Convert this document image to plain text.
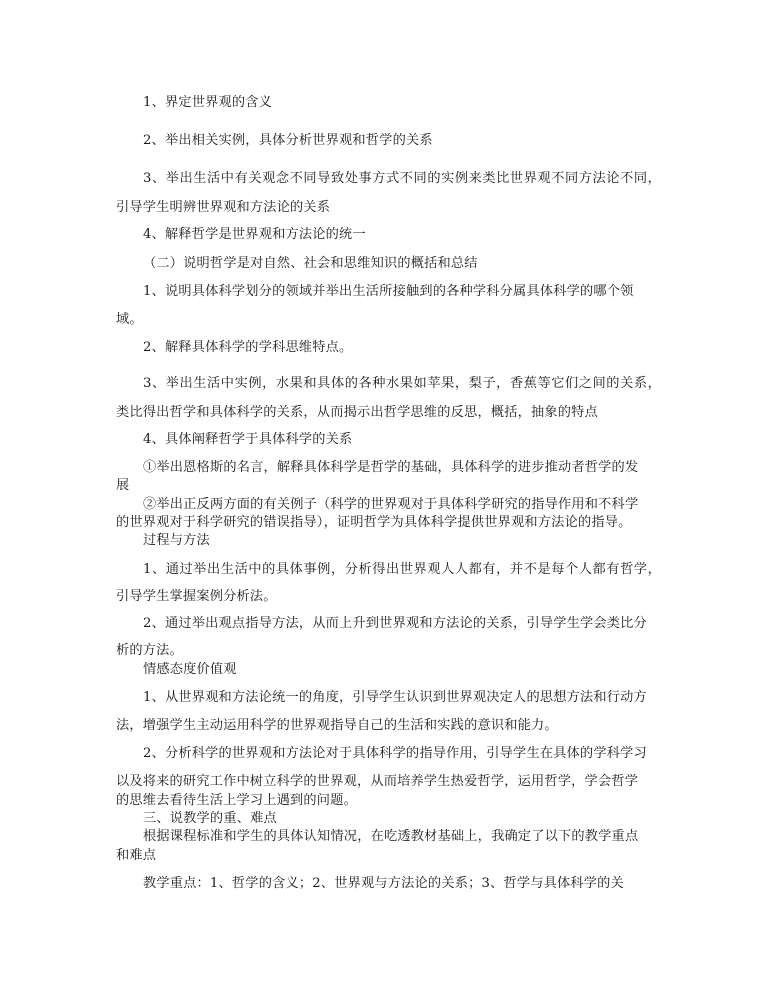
1、界定世界观的含义
2、举出相关实例，具体分析世界观和哲学的关系
3、举出生活中有关观念不同导致处事方式不同的实例来类比世界观不同方法论不同，
引导学生明辨世界观和方法论的关系
4、解释哲学是世界观和方法论的统一
（二）说明哲学是对自然、社会和思维知识的概括和总结
1、说明具体科学划分的领域并举出生活所接触到的各种学科分属具体科学的哪个领
域。
2、解释具体科学的学科思维特点。
3、举出生活中实例，水果和具体的各种水果如苹果，梨子，香蕉等它们之间的关系，
类比得出哲学和具体科学的关系，从而揭示出哲学思维的反思，概括，抽象的特点
4、具体阐释哲学于具体科学的关系
①举出恩格斯的名言，解释具体科学是哲学的基础，具体科学的进步推动者哲学的发
展
②举出正反两方面的有关例子（科学的世界观对于具体科学研究的指导作用和不科学
的世界观对于科学研究的错误指导），证明哲学为具体科学提供世界观和方法论的指导。
过程与方法
1、通过举出生活中的具体事例，分析得出世界观人人都有，并不是每个人都有哲学，
引导学生掌握案例分析法。
2、通过举出观点指导方法，从而上升到世界观和方法论的关系，引导学生学会类比分
析的方法。
情感态度价值观
1、从世界观和方法论统一的角度，引导学生认识到世界观决定人的思想方法和行动方
法，增强学生主动运用科学的世界观指导自己的生活和实践的意识和能力。
2、分析科学的世界观和方法论对于具体科学的指导作用，引导学生在具体的学科学习
以及将来的研究工作中树立科学的世界观，从而培养学生热爱哲学，运用哲学，学会哲学
的思维去看待生活上学习上遇到的问题。
三、说教学的重、难点
根据课程标准和学生的具体认知情况，在吃透教材基础上，我确定了以下的教学重点
和难点
教学重点：1、哲学的含义；2、世界观与方法论的关系；3、哲学与具体科学的关
